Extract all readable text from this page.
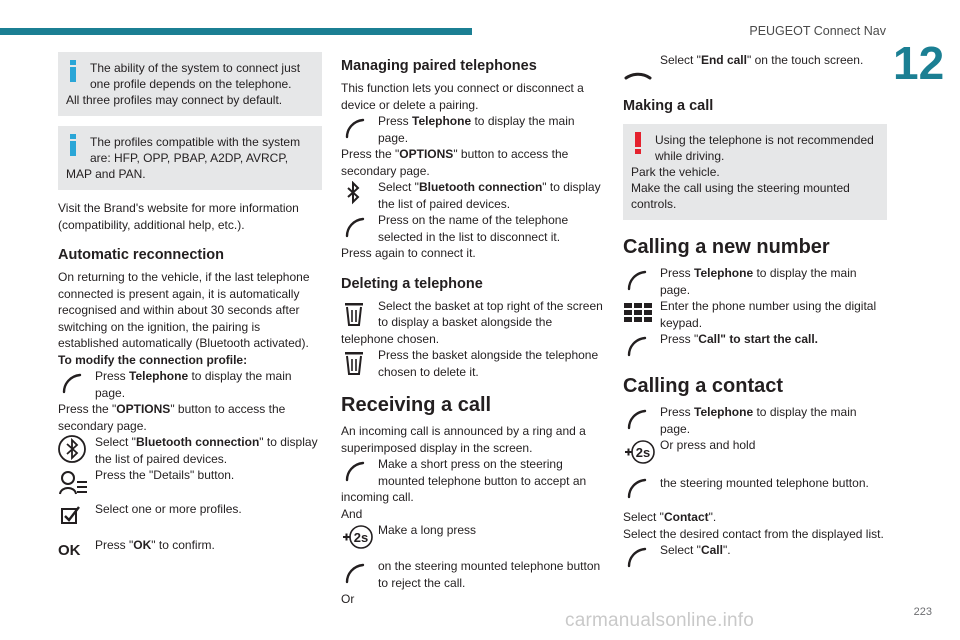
PEUGEOT Connect Nav
12
223
carmanualsonline.info
The ability of the system to connect just one profile depends on the telephone.
All three profiles may connect by default.
The profiles compatible with the system are: HFP, OPP, PBAP, A2DP, AVRCP,
MAP and PAN.

Visit the Brand's website for more information (compatibility, additional help, etc.).

Automatic reconnection

On returning to the vehicle, if the last telephone connected is present again, it is automatically recognised and within about 30 seconds after switching on the ignition, the pairing is established automatically (Bluetooth activated).

To modify the connection profile:

Press Telephone to display the main page.

Press the "OPTIONS" button to access the secondary page.

Select "Bluetooth connection" to display the list of paired devices.
Press the "Details" button.
Select one or more profiles.
OK	Press "OK" to confirm.
Managing paired telephones

This function lets you connect or disconnect a device or delete a pairing.

Press Telephone to display the main page.

Press the "OPTIONS" button to access the secondary page.

Select "Bluetooth connection" to display the list of paired devices.
Press on the name of the telephone selected in the list to disconnect it.

Press again to connect it.

Deleting a telephone
Select the basket at top right of the screen to display a basket alongside the

telephone chosen.

Press the basket alongside the telephone chosen to delete it.
Receiving a call

An incoming call is announced by a ring and a superimposed display in the screen.

Make a short press on the steering mounted telephone button to accept an

incoming call.

And

2s Make a long press
on the steering mounted telephone button to reject the call.

Or

Select "End call" on the touch screen.
Making a call
Using the telephone is not recommended while driving.
Park the vehicle.
Make the call using the steering mounted controls.
Calling a new number
Press Telephone to display the main page.
Enter the phone number using the digital keypad.
Press "Call" to start the call.
Calling a contact
Press Telephone to display the main page.
2s Or press and hold
the steering mounted telephone button.

Select "Contact".

Select the desired contact from the displayed list.

Select "Call".
